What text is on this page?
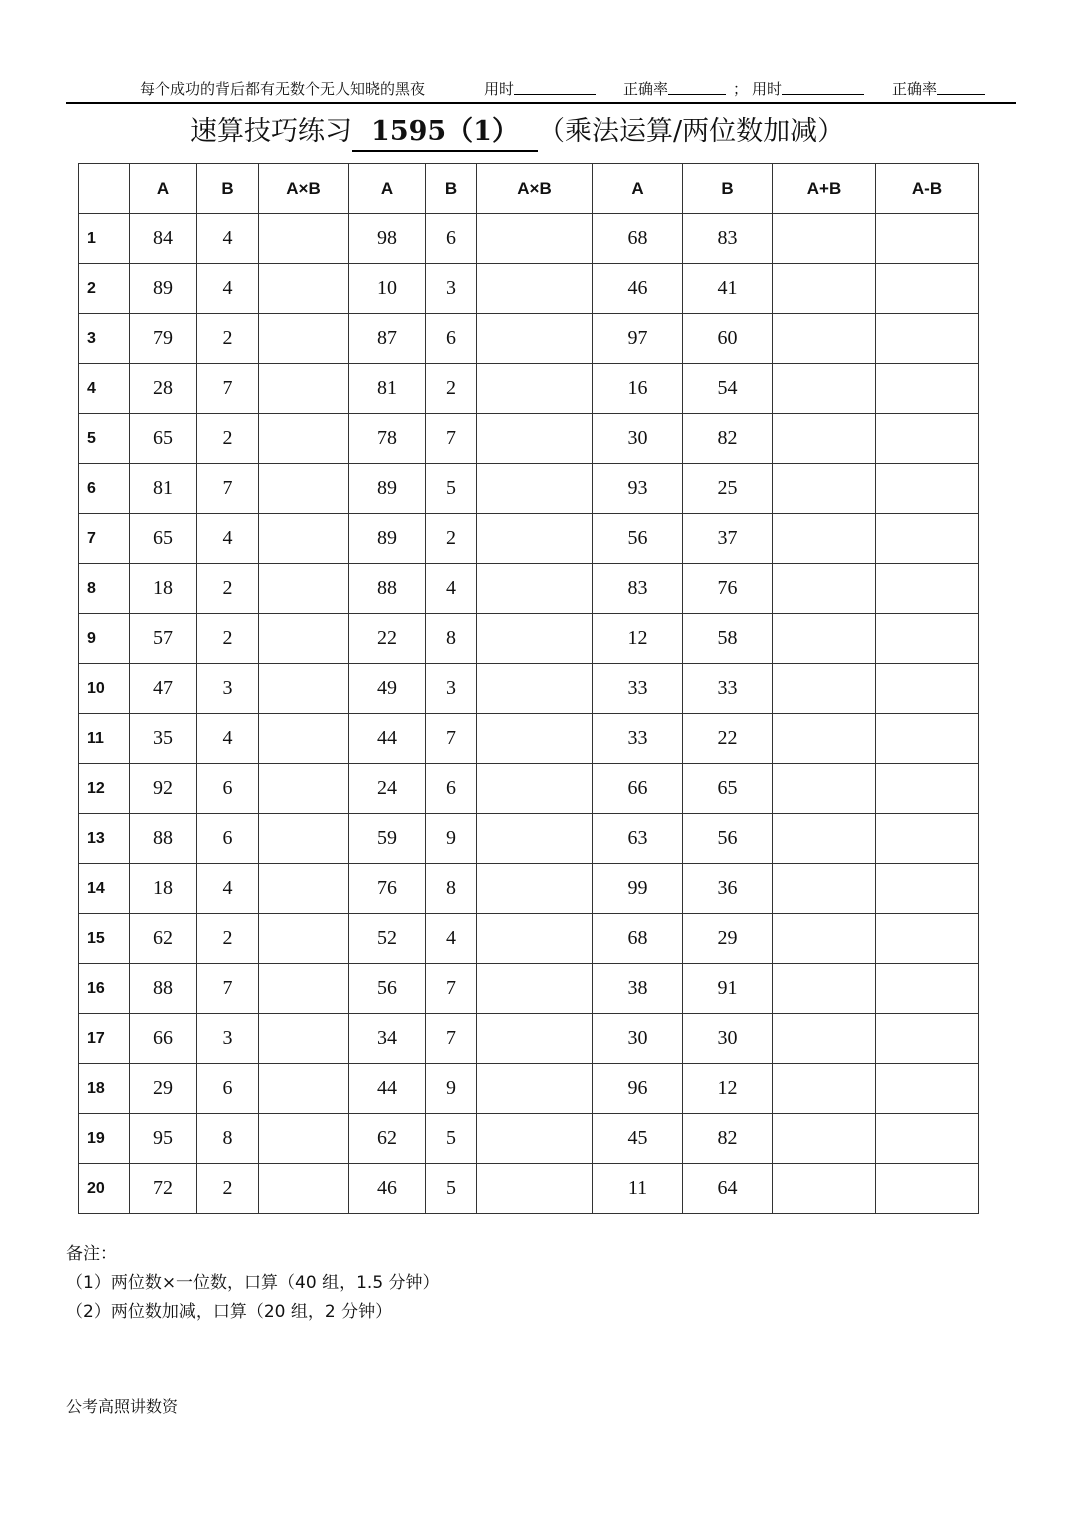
每个成功的背后都有无数个无人知晓的黑夜	用时	正确率	； 用时	正确率
速算技巧练习 1595（1） （乘法运算/两位数加减）
	A	B	A×B	A	B	A×B	A	B	A+B	A-B
1	84	4		98	6		68	83		
2	89	4		10	3		46	41		
3	79	2		87	6		97	60		
4	28	7		81	2		16	54		
5	65	2		78	7		30	82		
6	81	7		89	5		93	25		
7	65	4		89	2		56	37		
8	18	2		88	4		83	76		
9	57	2		22	8		12	58		
10	47	3		49	3		33	33		
11	35	4		44	7		33	22		
12	92	6		24	6		66	65		
13	88	6		59	9		63	56		
14	18	4		76	8		99	36		
15	62	2		52	4		68	29		
16	88	7		56	7		38	91		
17	66	3		34	7		30	30		
18	29	6		44	9		96	12		
19	95	8		62	5		45	82		
20	72	2		46	5		11	64		
备注：
（1）两位数×一位数，口算（40 组，1.5 分钟）
（2）两位数加减，口算（20 组，2 分钟）
公考高照讲数资
